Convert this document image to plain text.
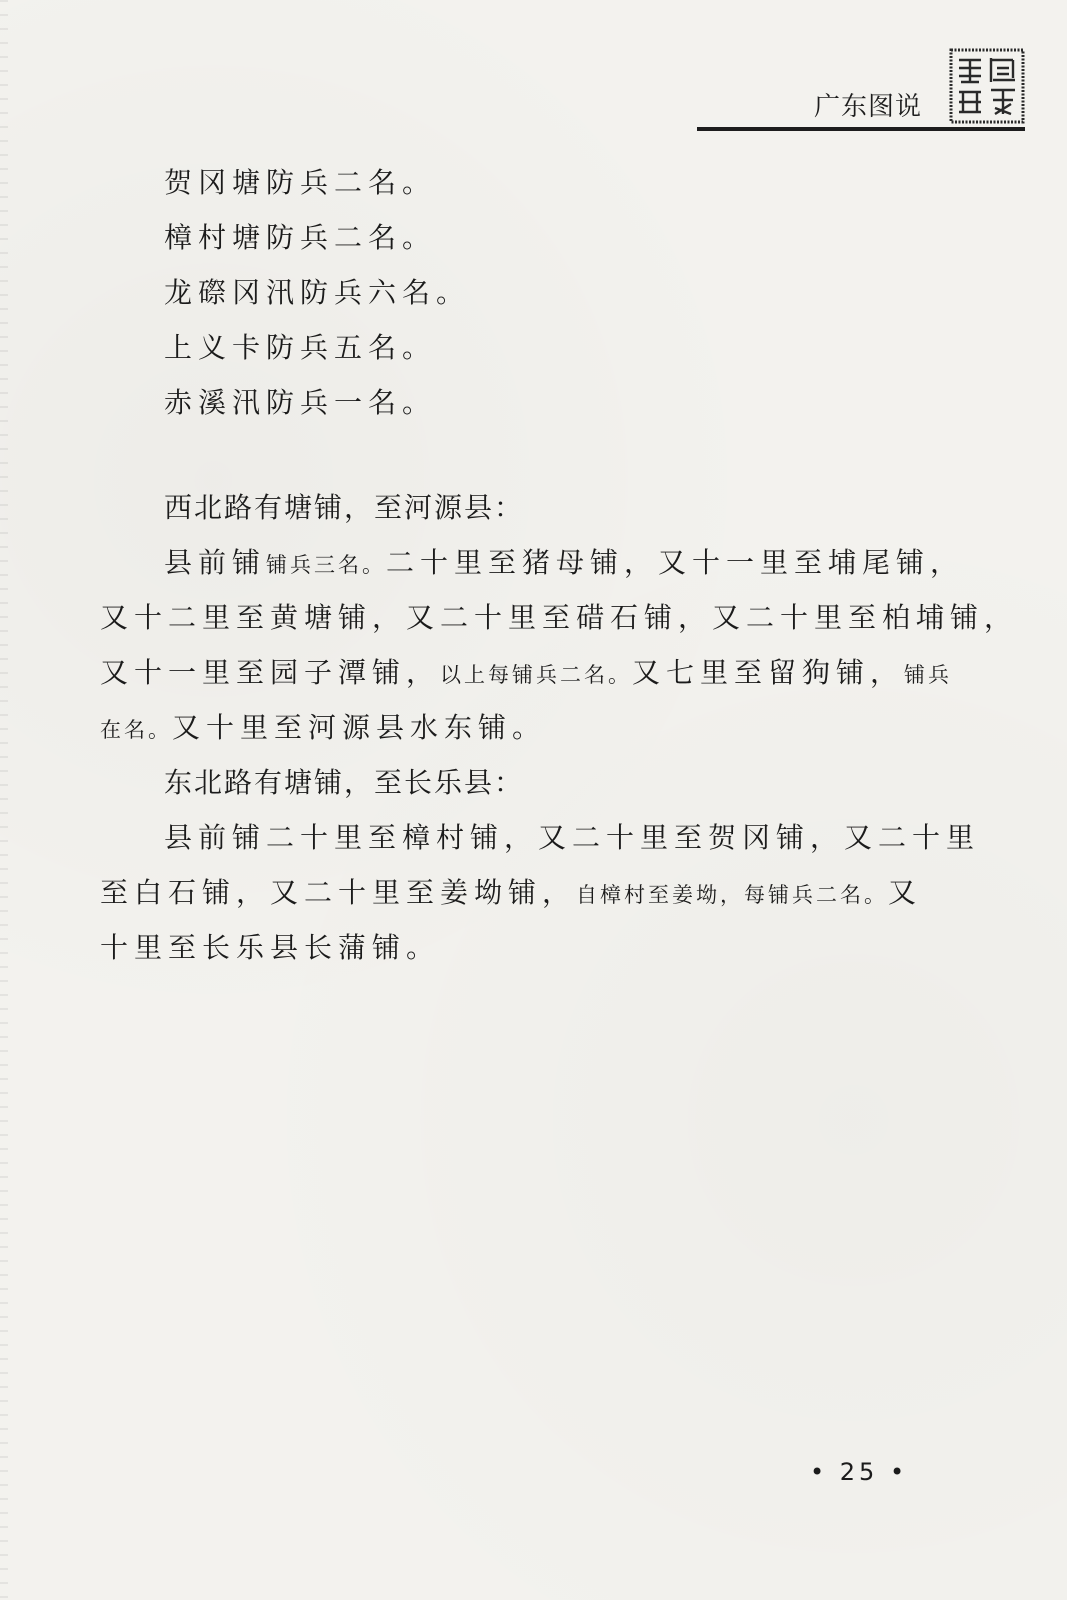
广东图说
贺冈塘防兵二名。
樟村塘防兵二名。
龙磜冈汛防兵六名。
上义卡防兵五名。
赤溪汛防兵一名。
西北路有塘铺，至河源县：
县前铺铺兵三名。二十里至猪母铺，又十一里至埔尾铺，
又十二里至黄塘铺，又二十里至碏石铺，又二十里至柏埔铺，
又十一里至园子潭铺，以上每铺兵二名。又七里至留狗铺，铺兵
在名。又十里至河源县水东铺。
东北路有塘铺，至长乐县：
县前铺二十里至樟村铺，又二十里至贺冈铺，又二十里
至白石铺，又二十里至姜坳铺，自樟村至姜坳，每铺兵二名。又
十里至长乐县长蒲铺。
• 25 •
